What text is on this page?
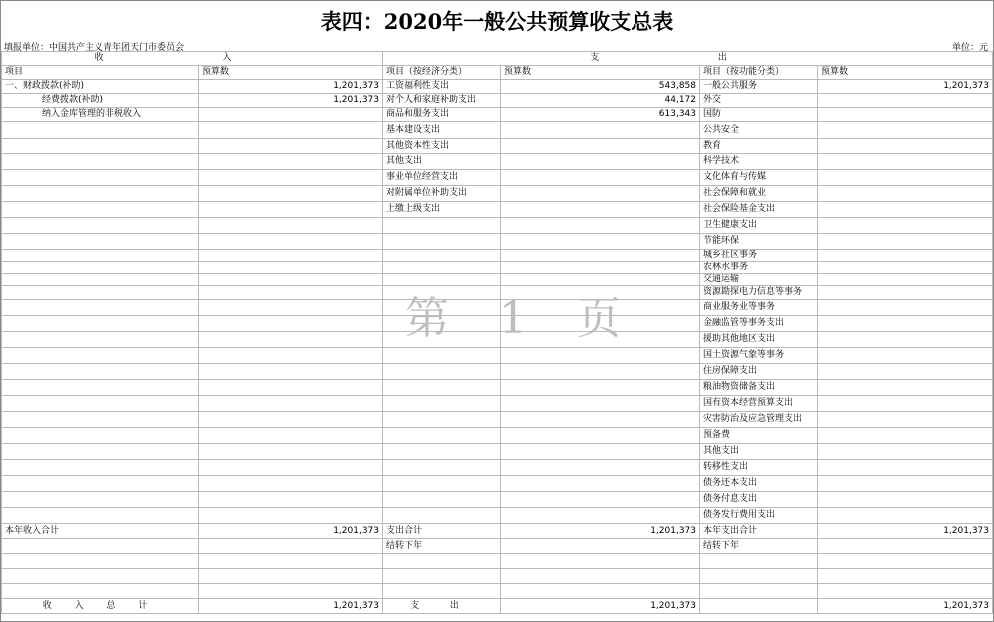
表四：2020年一般公共预算收支总表
填报单位：中国共产主义青年团天门市委员会	单位：元
收 入		支 出			
项目	预算数	项目（按经济分类）	预算数	项目（按功能分类）	预算数
一、财政拨款(补助)	1,201,373	工资福利性支出	543,858	一般公共服务	1,201,373
经费拨款(补助)	1,201,373	对个人和家庭补助支出	44,172	外交	
纳入金库管理的非税收入		商品和服务支出	613,343	国防	
		基本建设支出		公共安全	
		其他资本性支出		教育	
		其他支出		科学技术	
		事业单位经营支出		文化体育与传媒	
		对附属单位补助支出		社会保障和就业	
		上缴上级支出		社会保险基金支出	
				卫生健康支出	
				节能环保	
				城乡社区事务	
				农林水事务	
				交通运输	
				资源勘探电力信息等事务	
				商业服务业等事务	
				金融监管等事务支出	
				援助其他地区支出	
				国土资源气象等事务	
				住房保障支出	
				粮油物资储备支出	
				国有资本经营预算支出	
				灾害防治及应急管理支出	
				预备费	
				其他支出	
				转移性支出	
				债务还本支出	
				债务付息支出	
				债务发行费用支出	
本年收入合计	1,201,373	支出合计	1,201,373	本年支出合计	1,201,373
		结转下年		结转下年	

收 入 总 计	1,201,373	支 出	1,201,373		1,201,373
第 1 页
